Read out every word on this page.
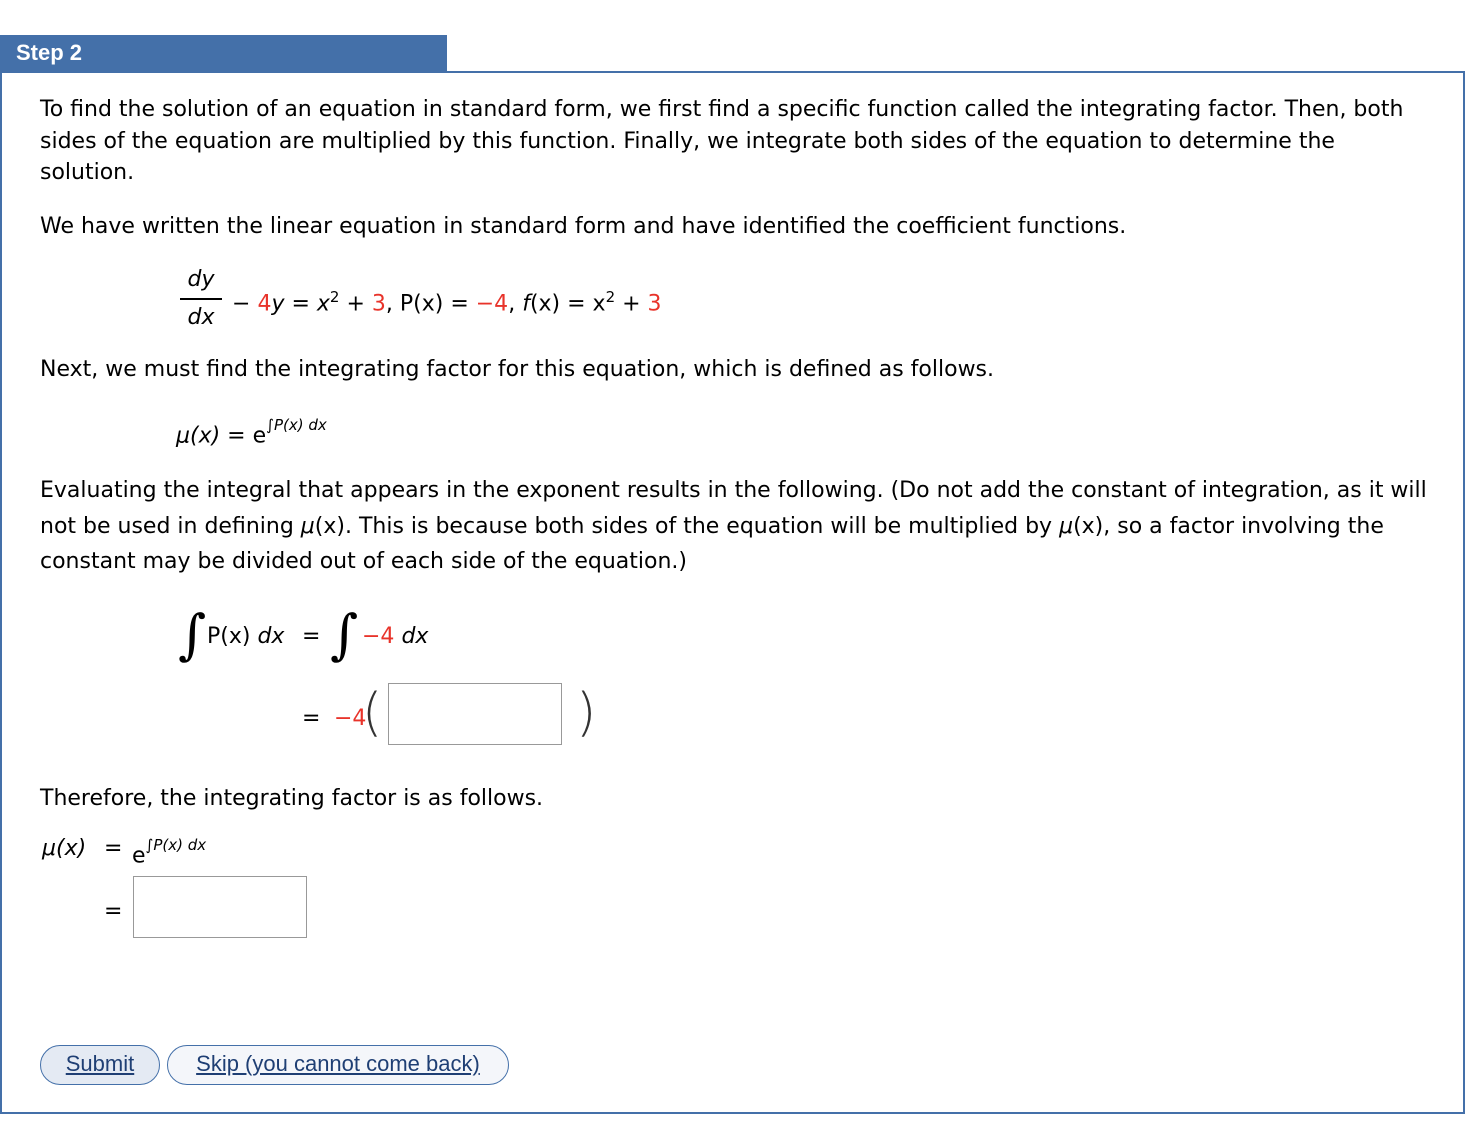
Step 2

To find the solution of an equation in standard form, we first find a specific function called the integrating factor. Then, both sides of the equation are multiplied by this function. Finally, we integrate both sides of the equation to determine the solution.

We have written the linear equation in standard form and have identified the coefficient functions.

dy
dx
− $4y = x^2 + 3$, P(x) = −4, $f(x) = x^2 + 3$

Next, we must find the integrating factor for this equation, which is defined as follows.

$\mu(x) = e^{\int P(x) dx}$

Evaluating the integral that appears in the exponent results in the following. (Do not add the constant of integration, as it will not be used in defining μ(x). This is because both sides of the equation will be multiplied by μ(x), so a factor involving the constant may be divided out of each side of the equation.)

∫ P(x) dx = ∫ −4 dx
= −4
(	)

Therefore, the integrating factor is as follows.

$\mu(x) = e^{\int P(x) dx}$
=
Submit	Skip (you cannot come back)
